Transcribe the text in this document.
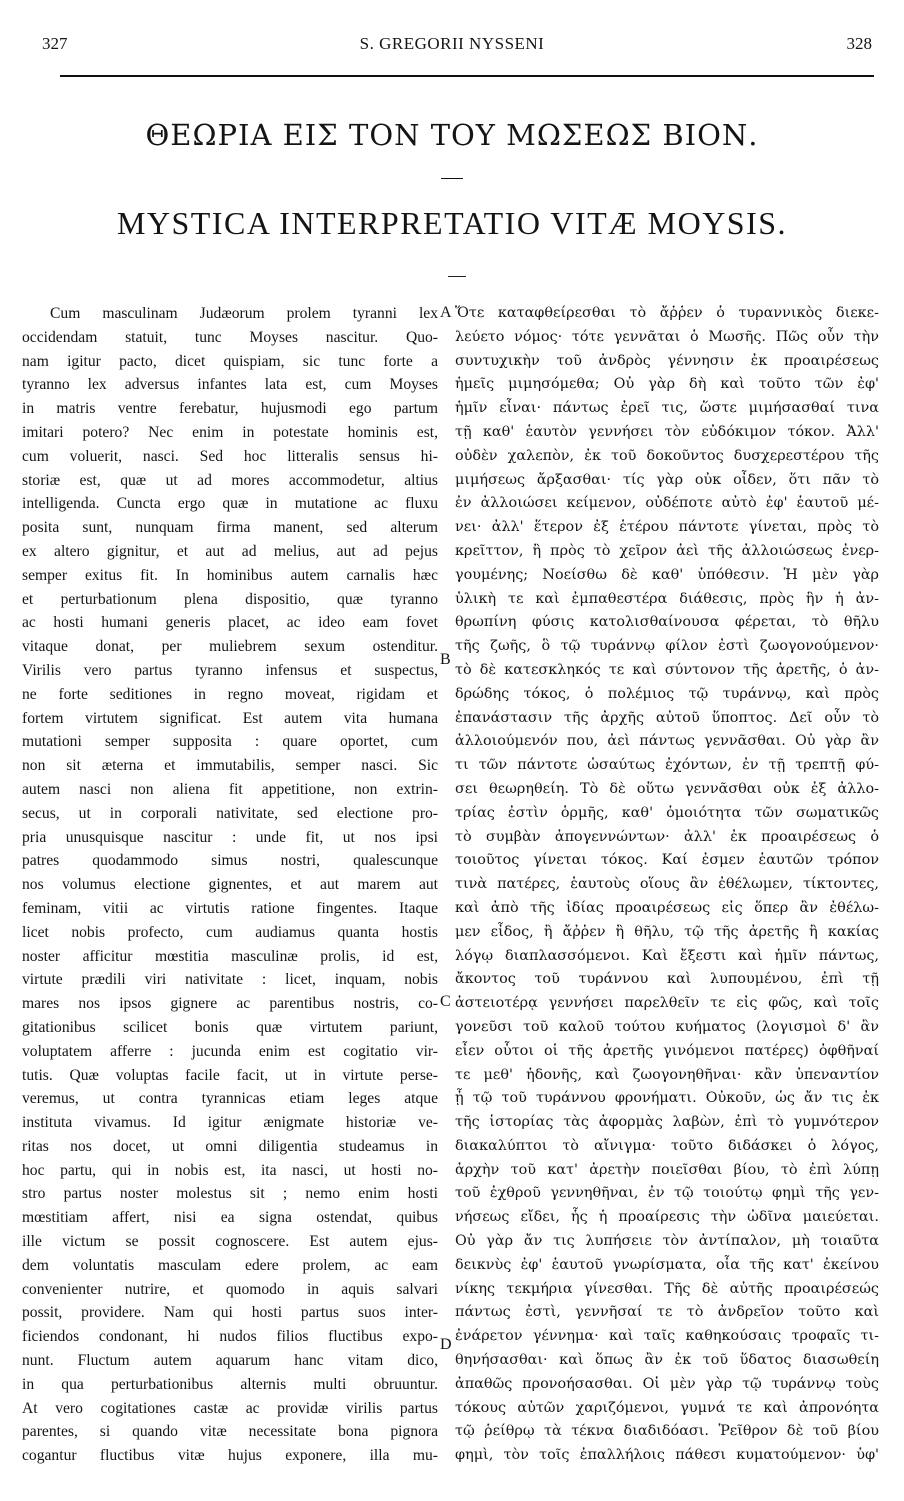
327	S. GREGORII NYSSENI	328
ΘΕΩΡΙΑ ΕΙΣ ΤΟΝ ΤΟΥ ΜΩΣΕΩΣ ΒΙΟΝ.
MYSTICA INTERPRETATIO VITÆ MOYSIS.
Cum masculinam Judæorum prolem tyranni lex
occidendam statuit, tunc Moyses nascitur. Quo-
nam igitur pacto, dicet quispiam, sic tunc forte a
tyranno lex adversus infantes lata est, cum Moyses
in matris ventre ferebatur, hujusmodi ego partum
imitari potero? Nec enim in potestate hominis est,
cum voluerit, nasci. Sed hoc litteralis sensus hi-
storiæ est, quæ ut ad mores accommodetur, altius
intelligenda. Cuncta ergo quæ in mutatione ac fluxu
posita sunt, nunquam firma manent, sed alterum
ex altero gignitur, et aut ad melius, aut ad pejus
semper exitus fit. In hominibus autem carnalis hæc
et perturbationum plena dispositio, quæ tyranno
ac hosti humani generis placet, ac ideo eam fovet
vitaque donat, per muliebrem sexum ostenditur.
Virilis vero partus tyranno infensus et suspectus,
ne forte seditiones in regno moveat, rigidam et
fortem virtutem significat. Est autem vita humana
mutationi semper supposita : quare oportet, cum
non sit æterna et immutabilis, semper nasci. Sic
autem nasci non aliena fit appetitione, non extrin-
secus, ut in corporali nativitate, sed electione pro-
pria unusquisque nascitur : unde fit, ut nos ipsi
patres quodammodo simus nostri, qualescunque
nos volumus electione gignentes, et aut marem aut
feminam, vitii ac virtutis ratione fingentes. Itaque
licet nobis profecto, cum audiamus quanta hostis
noster afficitur mœstitia masculinæ prolis, id est,
virtute prædili viri nativitate : licet, inquam, nobis
mares nos ipsos gignere ac parentibus nostris, co-
gitationibus scilicet bonis quæ virtutem pariunt,
voluptatem afferre : jucunda enim est cogitatio vir-
tutis. Quæ voluptas facile facit, ut in virtute perse-
veremus, ut contra tyrannicas etiam leges atque
instituta vivamus. Id igitur ænigmate historiæ ve-
ritas nos docet, ut omni diligentia studeamus in
hoc partu, qui in nobis est, ita nasci, ut hosti no-
stro partus noster molestus sit ; nemo enim hosti
mœstitiam affert, nisi ea signa ostendat, quibus
ille victum se possit cognoscere. Est autem ejus-
dem voluntatis masculam edere prolem, ac eam
convenienter nutrire, et quomodo in aquis salvari
possit, providere. Nam qui hosti partus suos inter-
ficiendos condonant, hi nudos filios fluctibus expo-
nunt. Fluctum autem aquarum hanc vitam dico,
in qua perturbationibus alternis multi obruuntur.
At vero cogitationes castæ ac providæ virilis partus
parentes, si quando vitæ necessitate bona pignora
cogantur fluctibus vitæ hujus exponere, illa mu-
Ὅτε καταφθείρεσθαι τὸ ἄῤῥεν ὁ τυραννικὸς διεκε-
λεύετο νόμος· τότε γεννᾶται ὁ Μωσῆς. Πῶς οὖν τὴν
συντυχικὴν τοῦ ἀνδρὸς γέννησιν ἐκ προαιρέσεως
ἡμεῖς μιμησόμεθα; Οὐ γὰρ δὴ καὶ τοῦτο τῶν ἐφ'
ἡμῖν εἶναι· πάντως ἐρεῖ τις, ὥστε μιμήσασθαί τινα
τῇ καθ' ἑαυτὸν γεννήσει τὸν εὐδόκιμον τόκον. Ἀλλ'
οὐδὲν χαλεπὸν, ἐκ τοῦ δοκοῦντος δυσχερεστέρου τῆς
μιμήσεως ἄρξασθαι· τίς γὰρ οὐκ οἶδεν, ὅτι πᾶν τὸ
ἐν ἀλλοιώσει κείμενον, οὐδέποτε αὐτὸ ἐφ' ἑαυτοῦ μέ-
νει· ἀλλ' ἕτερον ἐξ ἑτέρου πάντοτε γίνεται, πρὸς τὸ
κρεῖττον, ἢ πρὸς τὸ χεῖρον ἀεὶ τῆς ἀλλοιώσεως ἐνερ-
γουμένης; Νοείσθω δὲ καθ' ὑπόθεσιν. Ἡ μὲν γὰρ
ὑλικὴ τε καὶ ἐμπαθεστέρα διάθεσις, πρὸς ἣν ἡ ἀν-
θρωπίνη φύσις κατολισθαίνουσα φέρεται, τὸ θῆλυ
τῆς ζωῆς, ὃ τῷ τυράννῳ φίλον ἐστὶ ζωογονούμενον·
τὸ δὲ κατεσκληκός τε καὶ σύντονον τῆς ἀρετῆς, ὁ ἀν-
δρώδης τόκος, ὁ πολέμιος τῷ τυράννῳ, καὶ πρὸς
ἐπανάστασιν τῆς ἀρχῆς αὐτοῦ ὕποπτος. Δεῖ οὖν τὸ
ἀλλοιούμενόν που, ἀεὶ πάντως γεννᾶσθαι. Οὐ γὰρ ἂν
τι τῶν πάντοτε ὡσαύτως ἐχόντων, ἐν τῇ τρεπτῇ φύ-
σει θεωρηθείη. Τὸ δὲ οὕτω γεννᾶσθαι οὐκ ἐξ ἀλλο-
τρίας ἐστὶν ὁρμῆς, καθ' ὁμοιότητα τῶν σωματικῶς
τὸ συμβὰν ἀπογεννώντων· ἀλλ' ἐκ προαιρέσεως ὁ
τοιοῦτος γίνεται τόκος. Καί ἐσμεν ἑαυτῶν τρόπον
τινὰ πατέρες, ἑαυτοὺς οἵους ἂν ἐθέλωμεν, τίκτοντες,
καὶ ἀπὸ τῆς ἰδίας προαιρέσεως εἰς ὅπερ ἂν ἐθέλω-
μεν εἶδος, ἢ ἄῤῥεν ἢ θῆλυ, τῷ τῆς ἀρετῆς ἢ κακίας
λόγῳ διαπλασσόμενοι. Καὶ ἔξεστι καὶ ἡμῖν πάντως,
ἄκοντος τοῦ τυράννου καὶ λυπουμένου, ἐπὶ τῇ
ἀστειοτέρᾳ γεννήσει παρελθεῖν τε εἰς φῶς, καὶ τοῖς
γονεῦσι τοῦ καλοῦ τούτου κυήματος (λογισμοὶ δ' ἂν
εἶεν οὗτοι οἱ τῆς ἀρετῆς γινόμενοι πατέρες) ὀφθῆναί
τε μεθ' ἡδονῆς, καὶ ζωογονηθῆναι· κἂν ὑπεναντίον
ᾖ τῷ τοῦ τυράννου φρονήματι. Οὐκοῦν, ὡς ἄν τις ἐκ
τῆς ἱστορίας τὰς ἀφορμὰς λαβὼν, ἐπὶ τὸ γυμνότερον
διακαλύπτοι τὸ αἴνιγμα· τοῦτο διδάσκει ὁ λόγος,
ἀρχὴν τοῦ κατ' ἀρετὴν ποιεῖσθαι βίου, τὸ ἐπὶ λύπῃ
τοῦ ἐχθροῦ γεννηθῆναι, ἐν τῷ τοιούτῳ φημὶ τῆς γεν-
νήσεως εἴδει, ἧς ἡ προαίρεσις τὴν ὠδῖνα μαιεύεται.
Οὐ γὰρ ἄν τις λυπήσειε τὸν ἀντίπαλον, μὴ τοιαῦτα
δεικνὺς ἐφ' ἑαυτοῦ γνωρίσματα, οἷα τῆς κατ' ἐκείνου
νίκης τεκμήρια γίνεσθαι. Τῆς δὲ αὐτῆς προαιρέσεώς
πάντως ἐστὶ, γεννῆσαί τε τὸ ἀνδρεῖον τοῦτο καὶ
ἐνάρετον γέννημα· καὶ ταῖς καθηκούσαις τροφαῖς τι-
θηνήσασθαι· καὶ ὅπως ἂν ἐκ τοῦ ὕδατος διασωθείη
ἀπαθῶς προνοήσασθαι. Οἱ μὲν γὰρ τῷ τυράννῳ τοὺς
τόκους αὐτῶν χαριζόμενοι, γυμνά τε καὶ ἀπρονόητα
τῷ ῥείθρῳ τὰ τέκνα διαδιδόασι. Ῥεῖθρον δὲ τοῦ βίου
φημὶ, τὸν τοῖς ἐπαλλήλοις πάθεσι κυματούμενον· ὑφ'
A
B
C
D
